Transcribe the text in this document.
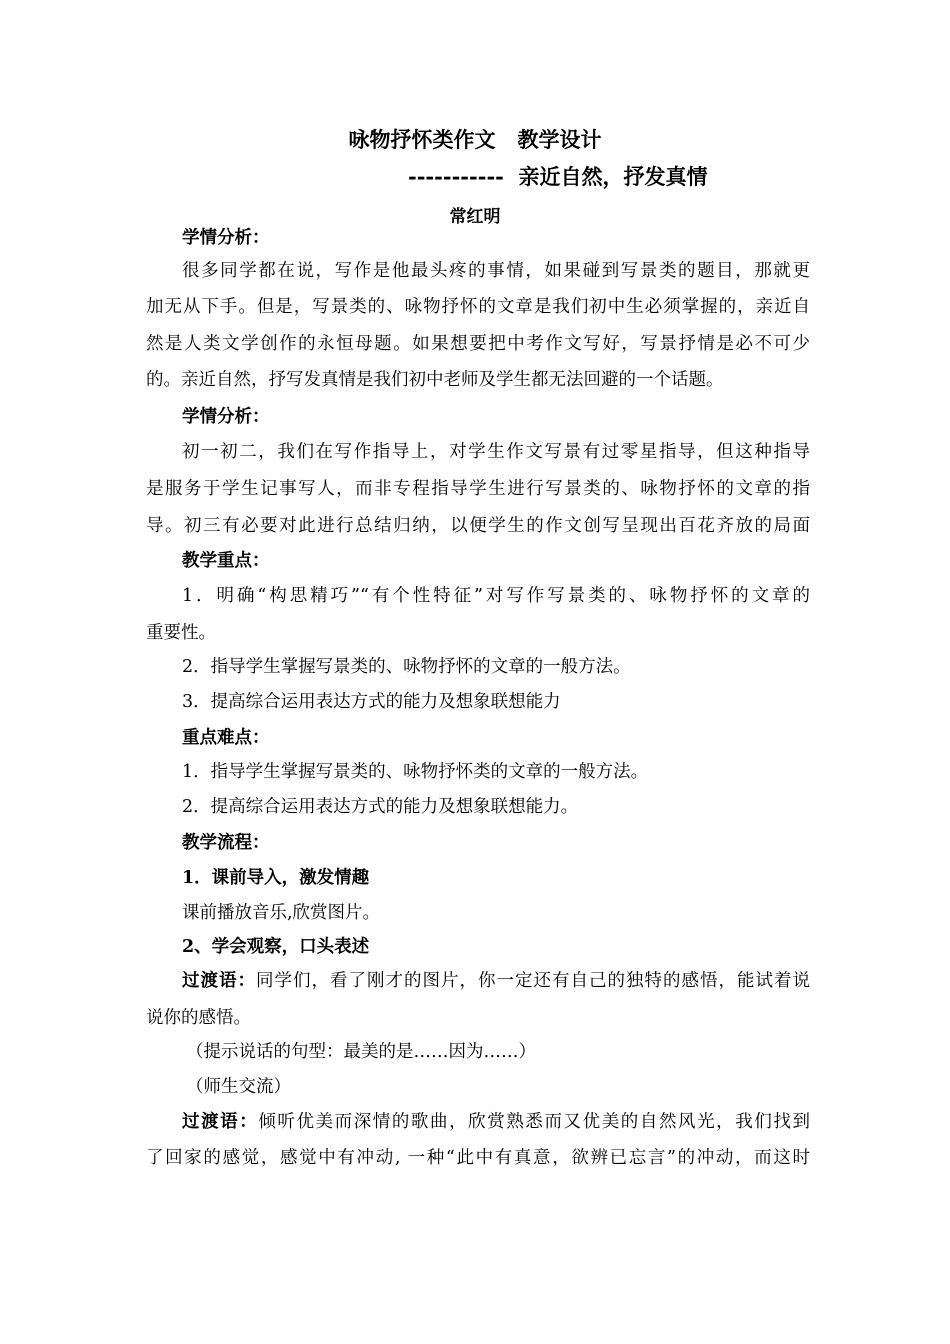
咏物抒怀类作文   教学设计
-----------  亲近自然，抒发真情
常红明
学情分析：
很多同学都在说，写作是他最头疼的事情，如果碰到写景类的题目，那就更
加无从下手。但是，写景类的、咏物抒怀的文章是我们初中生必须掌握的，亲近自
然是人类文学创作的永恒母题。如果想要把中考作文写好，写景抒情是必不可少
的。亲近自然，抒写发真情是我们初中老师及学生都无法回避的一个话题。
学情分析：
初一初二，我们在写作指导上，对学生作文写景有过零星指导，但这种指导
是服务于学生记事写人，而非专程指导学生进行写景类的、咏物抒怀的文章的指
导。初三有必要对此进行总结归纳，以便学生的作文创写呈现出百花齐放的局面
教学重点：
1．明确“构思精巧”“有个性特征”对写作写景类的、咏物抒怀的文章的
重要性。
2．指导学生掌握写景类的、咏物抒怀的文章的一般方法。
3．提高综合运用表达方式的能力及想象联想能力
重点难点：
1．指导学生掌握写景类的、咏物抒怀类的文章的一般方法。
2．提高综合运用表达方式的能力及想象联想能力。
教学流程：
1．课前导入，激发情趣
课前播放音乐,欣赏图片。
2、学会观察，口头表述
过渡语：同学们，看了刚才的图片，你一定还有自己的独特的感悟，能试着说
说你的感悟。
（提示说话的句型：最美的是……因为……）
（师生交流）
过渡语：倾听优美而深情的歌曲，欣赏熟悉而又优美的自然风光，我们找到
了回家的感觉，感觉中有冲动, 一种“此中有真意，欲辨已忘言”的冲动，而这时
